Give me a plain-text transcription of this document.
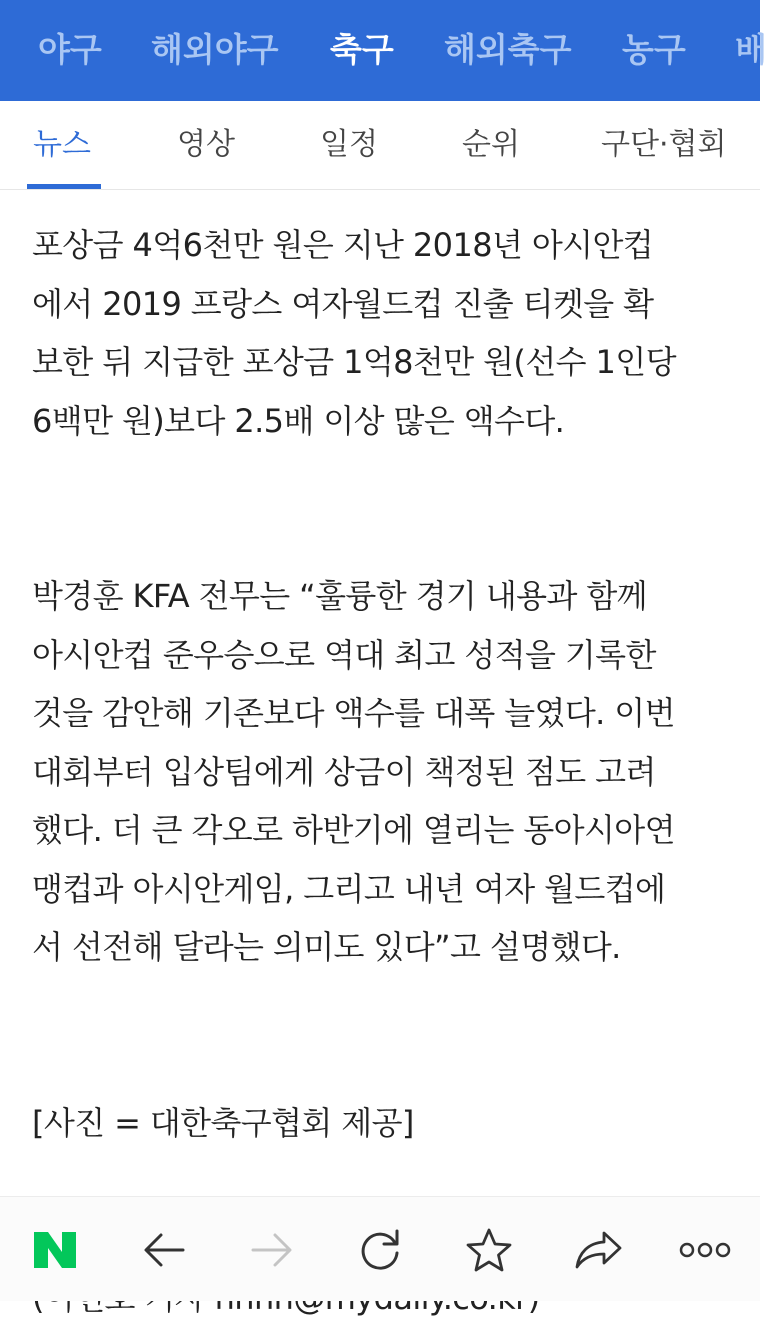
야구 해외야구 축구 해외축구 농구 배
뉴스	영상	일정	순위	구단·협회

포상금 4억6천만 원은 지난 2018년 아시안컵
에서 2019 프랑스 여자월드컵 진출 티켓을 확
보한 뒤 지급한 포상금 1억8천만 원(선수 1인당
6백만 원)보다 2.5배 이상 많은 액수다.

박경훈 KFA 전무는 “훌륭한 경기 내용과 함께
아시안컵 준우승으로 역대 최고 성적을 기록한
것을 감안해 기존보다 액수를 대폭 늘였다. 이번
대회부터 입상팀에게 상금이 책정된 점도 고려
했다. 더 큰 각오로 하반기에 열리는 동아시아연
맹컵과 아시안게임, 그리고 내년 여자 월드컵에
서 선전해 달라는 의미도 있다”고 설명했다.

[사진 = 대한축구협회 제공]
